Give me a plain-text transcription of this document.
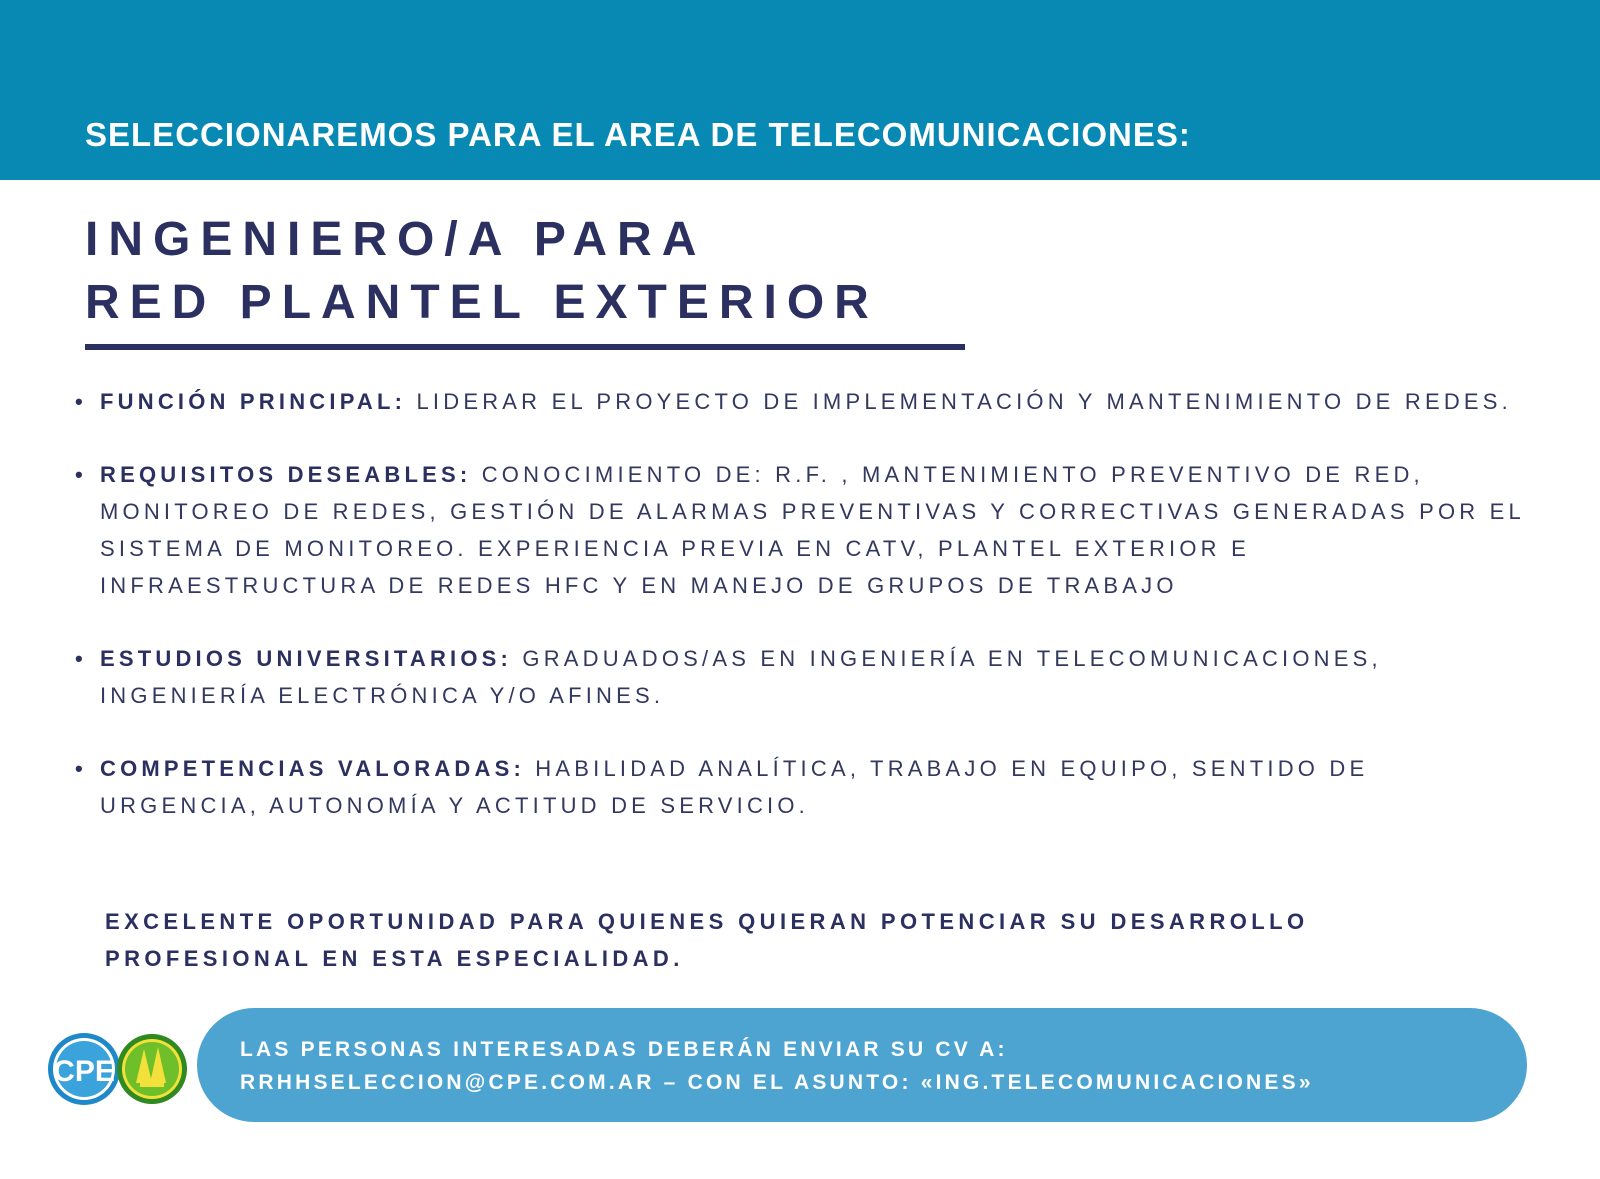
SELECCIONAREMOS PARA EL AREA DE TELECOMUNICACIONES:
INGENIERO/A PARA
RED PLANTEL EXTERIOR
• FUNCIÓN PRINCIPAL: LIDERAR EL PROYECTO DE IMPLEMENTACIÓN Y MANTENIMIENTO DE REDES.
• REQUISITOS DESEABLES: CONOCIMIENTO DE: R.F. , MANTENIMIENTO PREVENTIVO DE RED, MONITOREO DE REDES, GESTIÓN DE ALARMAS PREVENTIVAS Y CORRECTIVAS GENERADAS POR EL SISTEMA DE MONITOREO. EXPERIENCIA PREVIA EN CATV, PLANTEL EXTERIOR E INFRAESTRUCTURA DE REDES HFC Y EN MANEJO DE GRUPOS DE TRABAJO
• ESTUDIOS UNIVERSITARIOS: GRADUADOS/AS EN INGENIERÍA EN TELECOMUNICACIONES, INGENIERÍA ELECTRÓNICA Y/O AFINES.
• COMPETENCIAS VALORADAS: HABILIDAD ANALÍTICA, TRABAJO EN EQUIPO, SENTIDO DE URGENCIA, AUTONOMÍA Y ACTITUD DE SERVICIO.
EXCELENTE OPORTUNIDAD PARA QUIENES QUIERAN POTENCIAR SU DESARROLLO PROFESIONAL EN ESTA ESPECIALIDAD.
CPE
LAS PERSONAS INTERESADAS DEBERÁN ENVIAR SU CV A:
RRHHSELECCION@CPE.COM.AR – CON EL ASUNTO: «ING.TELECOMUNICACIONES»
